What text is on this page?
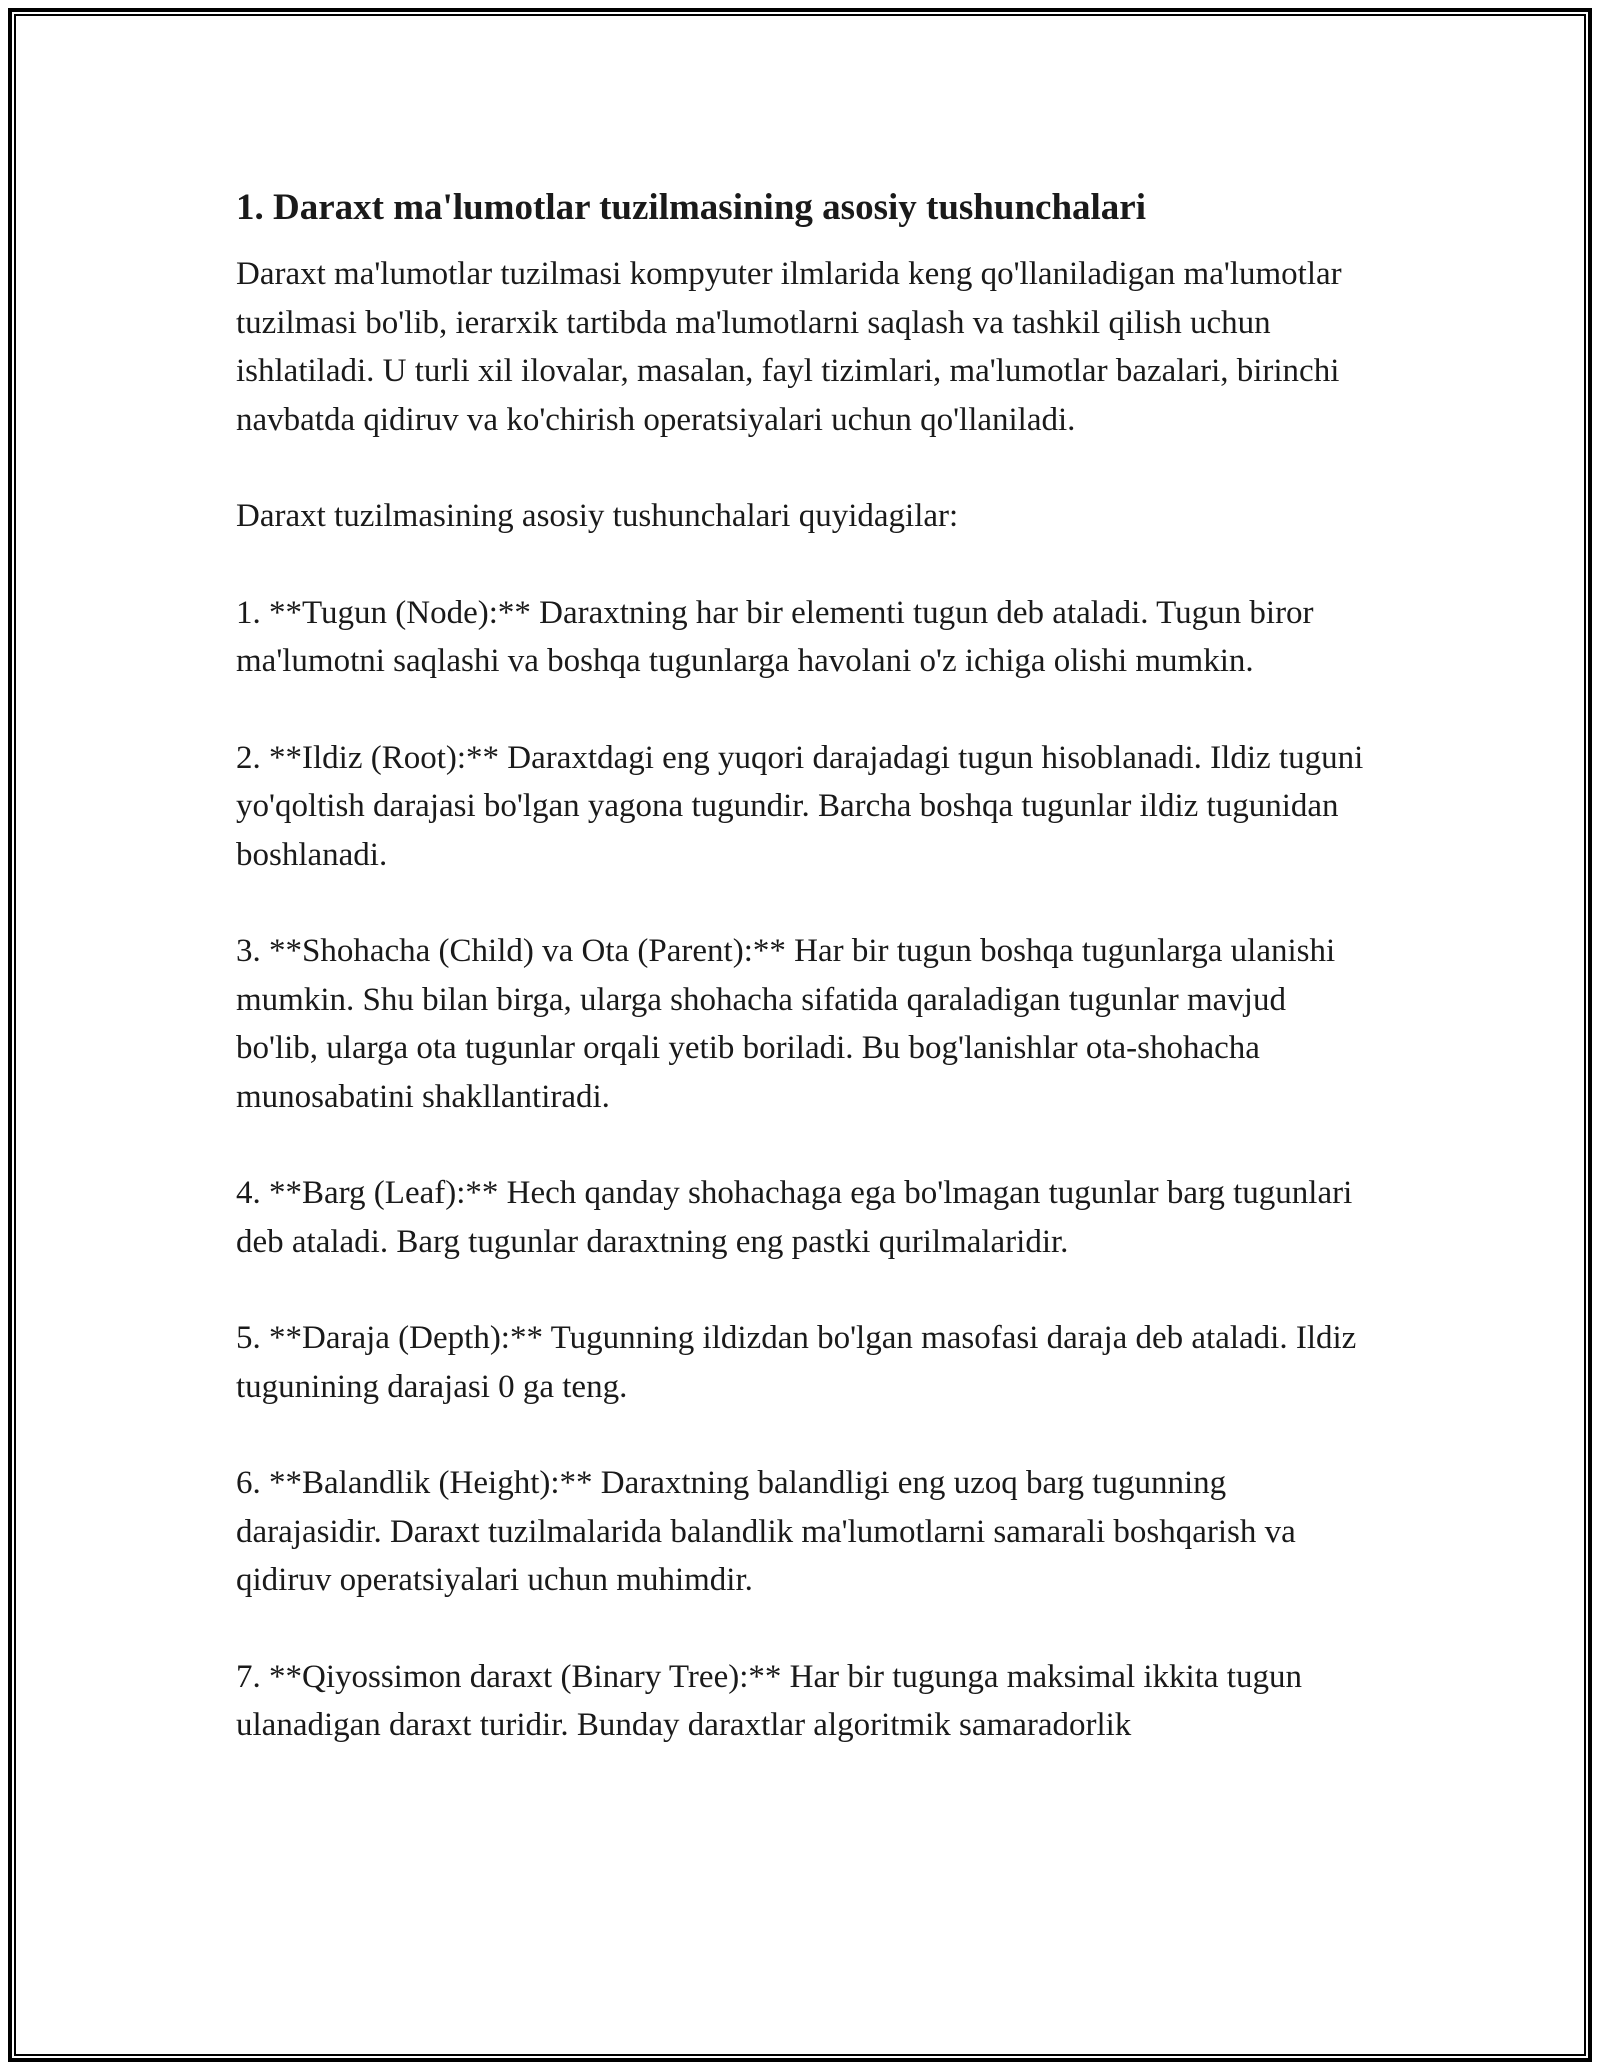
1. Daraxt ma'lumotlar tuzilmasining asosiy tushunchalari

Daraxt ma'lumotlar tuzilmasi kompyuter ilmlarida keng qo'llaniladigan ma'lumotlar tuzilmasi bo'lib, ierarxik tartibda ma'lumotlarni saqlash va tashkil qilish uchun ishlatiladi. U turli xil ilovalar, masalan, fayl tizimlari, ma'lumotlar bazalari, birinchi navbatda qidiruv va ko'chirish operatsiyalari uchun qo'llaniladi.

Daraxt tuzilmasining asosiy tushunchalari quyidagilar:

1. **Tugun (Node):** Daraxtning har bir elementi tugun deb ataladi. Tugun biror ma'lumotni saqlashi va boshqa tugunlarga havolani o'z ichiga olishi mumkin.

2. **Ildiz (Root):** Daraxtdagi eng yuqori darajadagi tugun hisoblanadi. Ildiz tuguni yo'qoltish darajasi bo'lgan yagona tugundir. Barcha boshqa tugunlar ildiz tugunidan boshlanadi.

3. **Shohacha (Child) va Ota (Parent):** Har bir tugun boshqa tugunlarga ulanishi mumkin. Shu bilan birga, ularga shohacha sifatida qaraladigan tugunlar mavjud bo'lib, ularga ota tugunlar orqali yetib boriladi. Bu bog'lanishlar ota-shohacha munosabatini shakllantiradi.

4. **Barg (Leaf):** Hech qanday shohachaga ega bo'lmagan tugunlar barg tugunlari deb ataladi. Barg tugunlar daraxtning eng pastki qurilmalaridir.

5. **Daraja (Depth):** Tugunning ildizdan bo'lgan masofasi daraja deb ataladi. Ildiz tugunining darajasi 0 ga teng.

6. **Balandlik (Height):** Daraxtning balandligi eng uzoq barg tugunning darajasidir. Daraxt tuzilmalarida balandlik ma'lumotlarni samarali boshqarish va qidiruv operatsiyalari uchun muhimdir.

7. **Qiyossimon daraxt (Binary Tree):** Har bir tugunga maksimal ikkita tugun ulanadigan daraxt turidir. Bunday daraxtlar algoritmik samaradorlik
